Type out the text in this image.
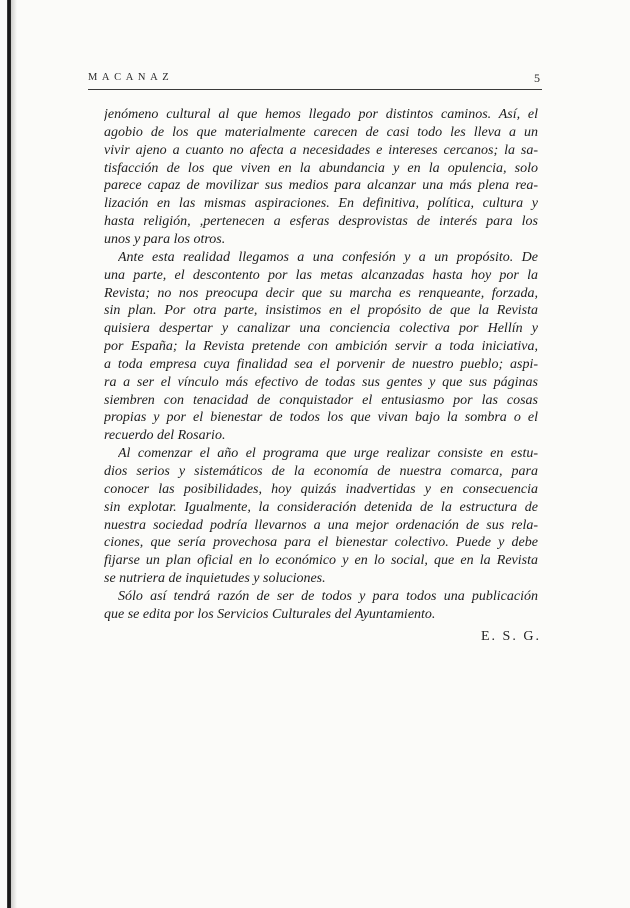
MACANAZ	5
jenómeno cultural al que hemos llegado por distintos caminos. Así, el
agobio de los que materialmente carecen de casi todo les lleva a un
vivir ajeno a cuanto no afecta a necesidades e intereses cercanos; la sa-
tisfacción de los que viven en la abundancia y en la opulencia, solo
parece capaz de movilizar sus medios para alcanzar una más plena rea-
lización en las mismas aspiraciones. En definitiva, política, cultura y
hasta religión, ,pertenecen a esferas desprovistas de interés para los
unos y para los otros.
Ante esta realidad llegamos a una confesión y a un propósito. De
una parte, el descontento por las metas alcanzadas hasta hoy por la
Revista; no nos preocupa decir que su marcha es renqueante, forzada,
sin plan. Por otra parte, insistimos en el propósito de que la Revista
quisiera despertar y canalizar una conciencia colectiva por Hellín y
por España; la Revista pretende con ambición servir a toda iniciativa,
a toda empresa cuya finalidad sea el porvenir de nuestro pueblo; aspi-
ra a ser el vínculo más efectivo de todas sus gentes y que sus páginas
siembren con tenacidad de conquistador el entusiasmo por las cosas
propias y por el bienestar de todos los que vivan bajo la sombra o el
recuerdo del Rosario.
Al comenzar el año el programa que urge realizar consiste en estu-
dios serios y sistemáticos de la economía de nuestra comarca, para
conocer las posibilidades, hoy quizás inadvertidas y en consecuencia
sin explotar. Igualmente, la consideración detenida de la estructura de
nuestra sociedad podría llevarnos a una mejor ordenación de sus rela-
ciones, que sería provechosa para el bienestar colectivo. Puede y debe
fijarse un plan oficial en lo económico y en lo social, que en la Revista
se nutriera de inquietudes y soluciones.
Sólo así tendrá razón de ser de todos y para todos una publicación
que se edita por los Servicios Culturales del Ayuntamiento.
E. S. G.
